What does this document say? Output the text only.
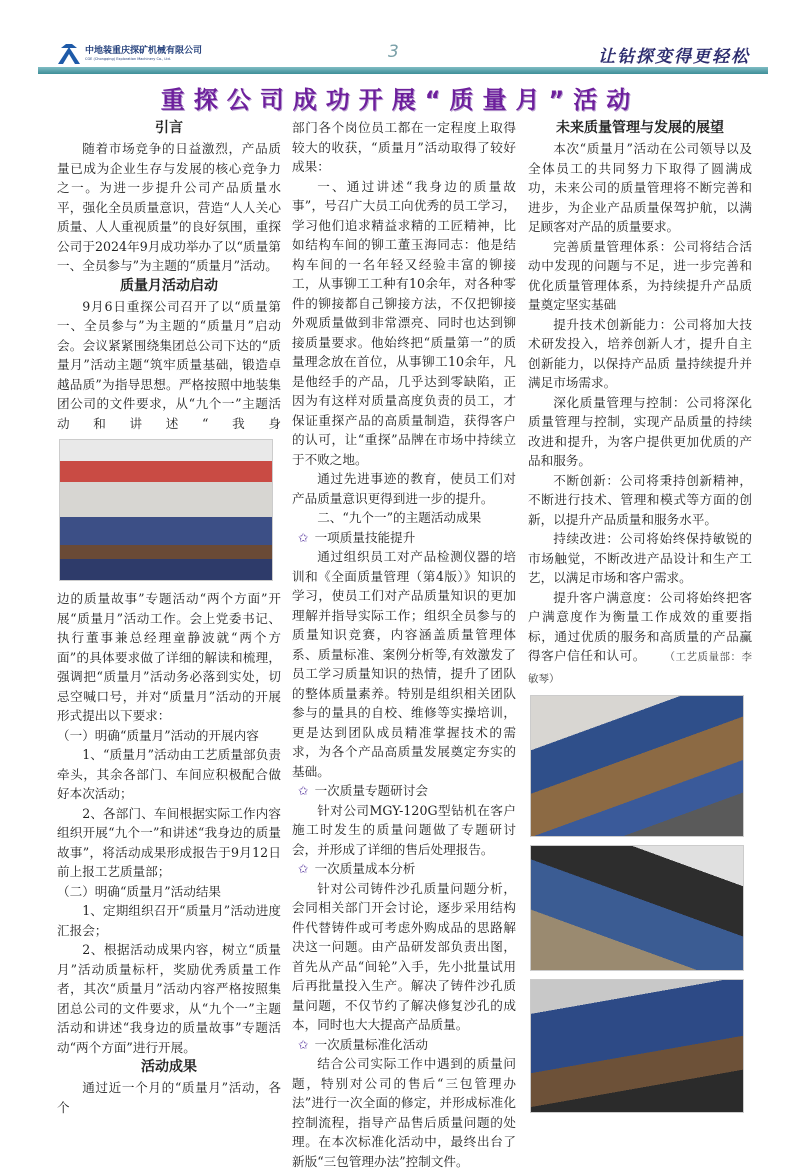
中地装重庆探矿机械有限公司
CGE (Chongqing) Exploration Machinery Co., Ltd.	3	让钻探变得更轻松
重探公司成功开展“质量月”活动
引言

随着市场竞争的日益激烈，产品质量已成为企业生存与发展的核心竞争力之一。为进一步提升公司产品质量水平，强化全员质量意识，营造“人人关心质量、人人重视质量”的良好氛围，重探公司于2024年9月成功举办了以“质量第一、全员参与”为主题的“质量月”活动。

质量月活动启动

9月6日重探公司召开了以“质量第一、全员参与”为主题的“质量月”启动会。会议紧紧围绕集团总公司下达的“质量月”活动主题“筑牢质量基础，锻造卓越品质”为指导思想。严格按照中地装集团公司的文件要求，从“九个一”主题活动和讲述“我身

边的质量故事”专题活动“两个方面”开展“质量月”活动工作。会上党委书记、执行董事兼总经理童静波就“两个方面”的具体要求做了详细的解读和梳理，强调把“质量月”活动务必落到实处，切忌空喊口号，并对“质量月”活动的开展形式提出以下要求：

（一）明确“质量月”活动的开展内容

1、“质量月”活动由工艺质量部负责牵头，其余各部门、车间应积极配合做好本次活动；

2、各部门、车间根据实际工作内容组织开展“九个一”和讲述“我身边的质量故事”，将活动成果形成报告于9月12日前上报工艺质量部；

（二）明确“质量月”活动结果

1、定期组织召开“质量月”活动进度汇报会；

2、根据活动成果内容，树立“质量月”活动质量标杆，奖励优秀质量工作者，其次“质量月”活动内容严格按照集团总公司的文件要求，从“九个一”主题活动和讲述“我身边的质量故事”专题活动“两个方面”进行开展。

活动成果

通过近一个月的“质量月”活动，各个

部门各个岗位员工都在一定程度上取得较大的收获，“质量月”活动取得了较好成果：

一、通过讲述“我身边的质量故事”，号召广大员工向优秀的员工学习，学习他们追求精益求精的工匠精神，比如结构车间的铆工董玉海同志：他是结构车间的一名年轻又经验丰富的铆接工，从事铆工工种有10余年，对各种零件的铆接都自己铆接方法，不仅把铆接外观质量做到非常漂亮、同时也达到铆接质量要求。他始终把“质量第一”的质量理念放在首位，从事铆工10余年，凡是他经手的产品，几乎达到零缺陷，正因为有这样对质量高度负责的员工，才保证重探产品的高质量制造，获得客户的认可，让“重探”品牌在市场中持续立于不败之地。

通过先进事迹的教育，使员工们对产品质量意识更得到进一步的提升。

二、“九个一”的主题活动成果

✩ 一项质量技能提升

通过组织员工对产品检测仪器的培训和《全面质量管理（第4版）》知识的学习，使员工们对产品质量知识的更加理解并指导实际工作；组织全员参与的质量知识竞赛，内容涵盖质量管理体系、质量标准、案例分析等,有效激发了员工学习质量知识的热情，提升了团队的整体质量素养。特别是组织相关团队参与的量具的自校、维修等实操培训，更是达到团队成员精准掌握技术的需求，为各个产品高质量发展奠定夯实的基础。

✩ 一次质量专题研讨会

针对公司MGY-120G型钻机在客户施工时发生的质量问题做了专题研讨会，并形成了详细的售后处理报告。

✩ 一次质量成本分析

针对公司铸件沙孔质量问题分析，会同相关部门开会讨论，逐步采用结构件代替铸件或可考虑外购成品的思路解决这一问题。由产品研发部负责出图，首先从产品“间轮”入手，先小批量试用后再批量投入生产。解决了铸件沙孔质量问题，不仅节约了解决修复沙孔的成本，同时也大大提高产品质量。

✩ 一次质量标准化活动

结合公司实际工作中遇到的质量问题，特别对公司的售后“三包管理办法”进行一次全面的修定，并形成标准化控制流程，指导产品售后质量问题的处理。在本次标准化活动中，最终出台了新版“三包管理办法”控制文件。

未来质量管理与发展的展望

本次“质量月”活动在公司领导以及全体员工的共同努力下取得了圆满成功，未来公司的质量管理将不断完善和进步，为企业产品质量保驾护航，以满足顾客对产品的质量要求。

完善质量管理体系：公司将结合活动中发现的问题与不足，进一步完善和优化质量管理体系，为持续提升产品质量奠定坚实基础

提升技术创新能力：公司将加大技术研发投入，培养创新人才，提升自主创新能力，以保持产品质 量持续提升并满足市场需求。

深化质量管理与控制：公司将深化质量管理与控制，实现产品质量的持续改进和提升，为客户提供更加优质的产品和服务。

不断创新：公司将秉持创新精神，不断进行技术、管理和模式等方面的创新，以提升产品质量和服务水平。

持续改进：公司将始终保持敏锐的市场触觉，不断改进产品设计和生产工艺，以满足市场和客户需求。

提升客户满意度：公司将始终把客户满意度作为衡量工作成效的重要指标，通过优质的服务和高质量的产品赢得客户信任和认可。 （工艺质量部：李敏琴）
